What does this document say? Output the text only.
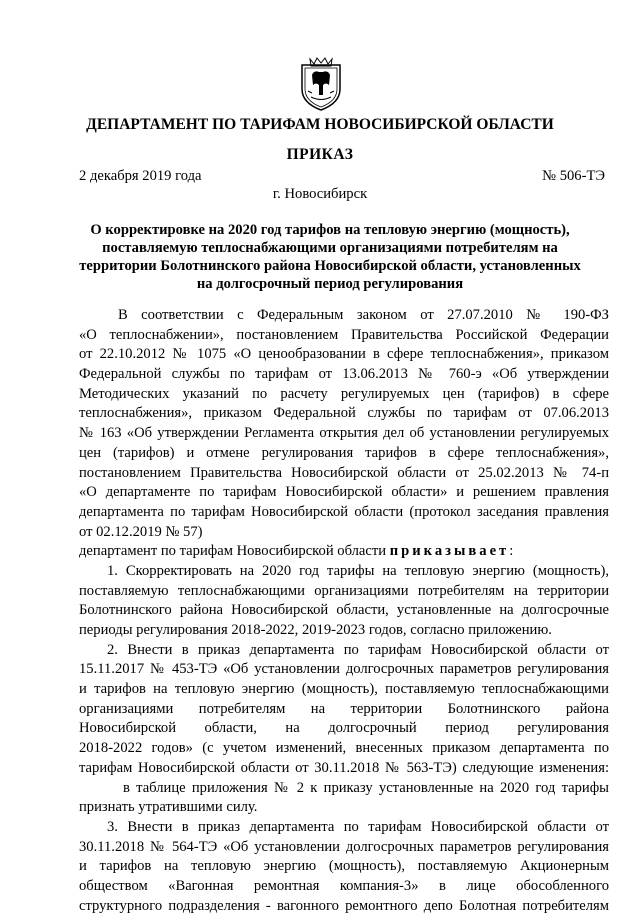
ДЕПАРТАМЕНТ ПО ТАРИФАМ НОВОСИБИРСКОЙ ОБЛАСТИ
ПРИКАЗ
2 декабря 2019 года	№ 506-ТЭ
г. Новосибирск
О корректировке на 2020 год тарифов на тепловую энергию (мощность),
поставляемую теплоснабжающими организациями потребителям на
территории Болотнинского района Новосибирской области, установленных
на долгосрочный период регулирования
В соответствии с Федеральным законом от 27.07.2010 № 190-ФЗ
«О теплоснабжении», постановлением Правительства Российской Федерации
от 22.10.2012 № 1075 «О ценообразовании в сфере теплоснабжения», приказом
Федеральной службы по тарифам от 13.06.2013 № 760-э «Об утверждении
Методических указаний по расчету регулируемых цен (тарифов) в сфере
теплоснабжения», приказом Федеральной службы по тарифам от 07.06.2013
№ 163 «Об утверждении Регламента открытия дел об установлении регулируемых
цен (тарифов) и отмене регулирования тарифов в сфере теплоснабжения»,
постановлением Правительства Новосибирской области от 25.02.2013 № 74-п
«О департаменте по тарифам Новосибирской области» и решением правления
департамента по тарифам Новосибирской области (протокол заседания правления
от 02.12.2019 № 57)
департамент по тарифам Новосибирской области приказывает:
1. Скорректировать на 2020 год тарифы на тепловую энергию (мощность),
поставляемую теплоснабжающими организациями потребителям на территории
Болотнинского района Новосибирской области, установленные на долгосрочные
периоды регулирования 2018-2022, 2019-2023 годов, согласно приложению.
2. Внести в приказ департамента по тарифам Новосибирской области от
15.11.2017 № 453-ТЭ «Об установлении долгосрочных параметров регулирования
и тарифов на тепловую энергию (мощность), поставляемую теплоснабжающими
организациями потребителям на территории Болотнинского района
Новосибирской области, на долгосрочный период регулирования
2018-2022 годов» (с учетом изменений, внесенных приказом департамента по
тарифам Новосибирской области от 30.11.2018 № 563-ТЭ) следующие изменения:
в таблице приложения № 2 к приказу установленные на 2020 год тарифы
признать утратившими силу.
3. Внести в приказ департамента по тарифам Новосибирской области от
30.11.2018 № 564-ТЭ «Об установлении долгосрочных параметров регулирования
и тарифов на тепловую энергию (мощность), поставляемую Акционерным
обществом «Вагонная ремонтная компания-3» в лице обособленного
структурного подразделения - вагонного ремонтного депо Болотная потребителям
